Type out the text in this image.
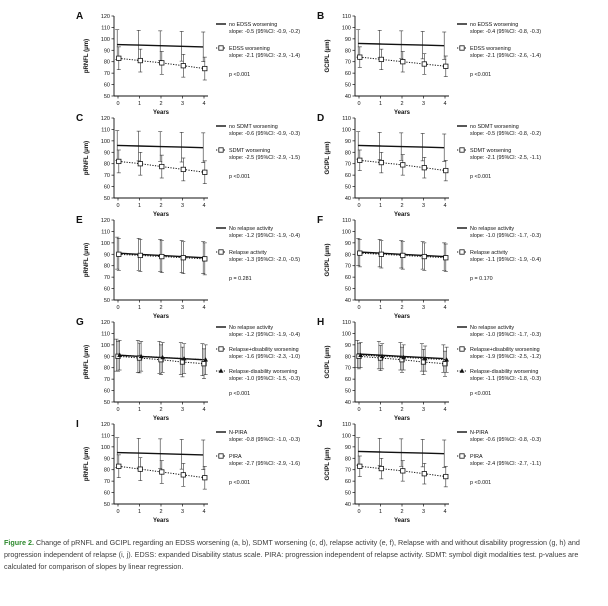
A
50
60
70
80
90
100
110
120
0	1	2	3	4
Years
pRNFL (μm)
no EDSS worsening
slope: -0.5 (95%CI: -0.9, -0.2)
EDSS worsening
slope: -2.1 (95%CI: -2.9, -1.4)
p <0.001
B
40
50
60
70
80
90
100
110
0	1	2	3	4
Years
GCIPL (μm)
no EDSS worsening
slope: -0.4 (95%CI: -0.8, -0.3)
EDSS worsening
slope: -2.1 (95%CI: -2.6, -1.4)
p <0.001
C
50
60
70
80
90
100
110
120
0	1	2	3	4
Years
pRNFL (μm)
no SDMT worsening
slope: -0.6 (95%CI: -0.9, -0.3)
SDMT worsening
slope: -2.5 (95%CI: -2.9, -1.5)
p <0.001
D
40
50
60
70
80
90
100
110
0	1	2	3	4
Years
GCIPL (μm)
no SDMT worsening
slope: -0.5 (95%CI: -0.8, -0.2)
SDMT worsening
slope: -2.1 (95%CI: -2.5, -1.1)
p <0.001
E
50
60
70
80
90
100
110
120
0	1	2	3	4
Years
pRNFL (μm)
No relapse activity
slope: -1.2 (95%CI: -1.9, -0.4)
Relapse activity
slope: -1.3 (95%CI: -2.0, -0.5)
p = 0.281
F
40
50
60
70
80
90
100
110
0	1	2	3	4
Years
GCIPL (μm)
No relapse activity
slope: -1.0 (95%CI: -1.7, -0.3)
Relapse activity
slope: -1.1 (95%CI: -1.9, -0.4)
p = 0.170
G
50
60
70
80
90
100
110
120
0	1	2	3	4
Years
pRNFL (μm)
No relapse activity
slope: -1.2 (95%CI: -1.9, -0.4)
Relapse+disability worsening
slope: -1.6 (95%CI: -2.3, -1.0)
Relapse-disability worsening
slope: -1.0 (95%CI: -1.5, -0.3)
p <0.001
H
40
50
60
70
80
90
100
110
0	1	2	3	4
Years
GCIPL (μm)
No relapse activity
slope: -1.0 (95%CI: -1.7, -0.3)
Relapse+disability worsening
slope: -1.9 (95%CI: -2.5, -1.2)
Relapse-disability worsening
slope: -1.1 (95%CI: -1.8, -0.3)
p <0.001
I
50
60
70
80
90
100
110
120
0	1	2	3	4
Years
pRNFL (μm)
N-PIRA
slope: -0.8 (95%CI: -1.0, -0.3)
PIRA
slope: -2.7 (95%CI: -2.9, -1.6)
p <0.001
J
40
50
60
70
80
90
100
110
0	1	2	3	4
Years
GCIPL (μm)
N-PIRA
slope: -0.6 (95%CI: -0.8, -0.3)
PIRA
slope: -2.4 (95%CI: -2.7, -1.1)
p <0.001
Figure 2. Change of pRNFL and GCIPL regarding an EDSS worsening (a, b), SDMT worsening (c, d), relapse activity (e, f), Relapse with and without disability progression (g, h) and progression independent of relapse (i, j). EDSS: expanded Disability status scale. PIRA: progression independent of relapse activity. SDMT: symbol digit modalities test. p-values are calculated for comparison of slopes by linear regression.
